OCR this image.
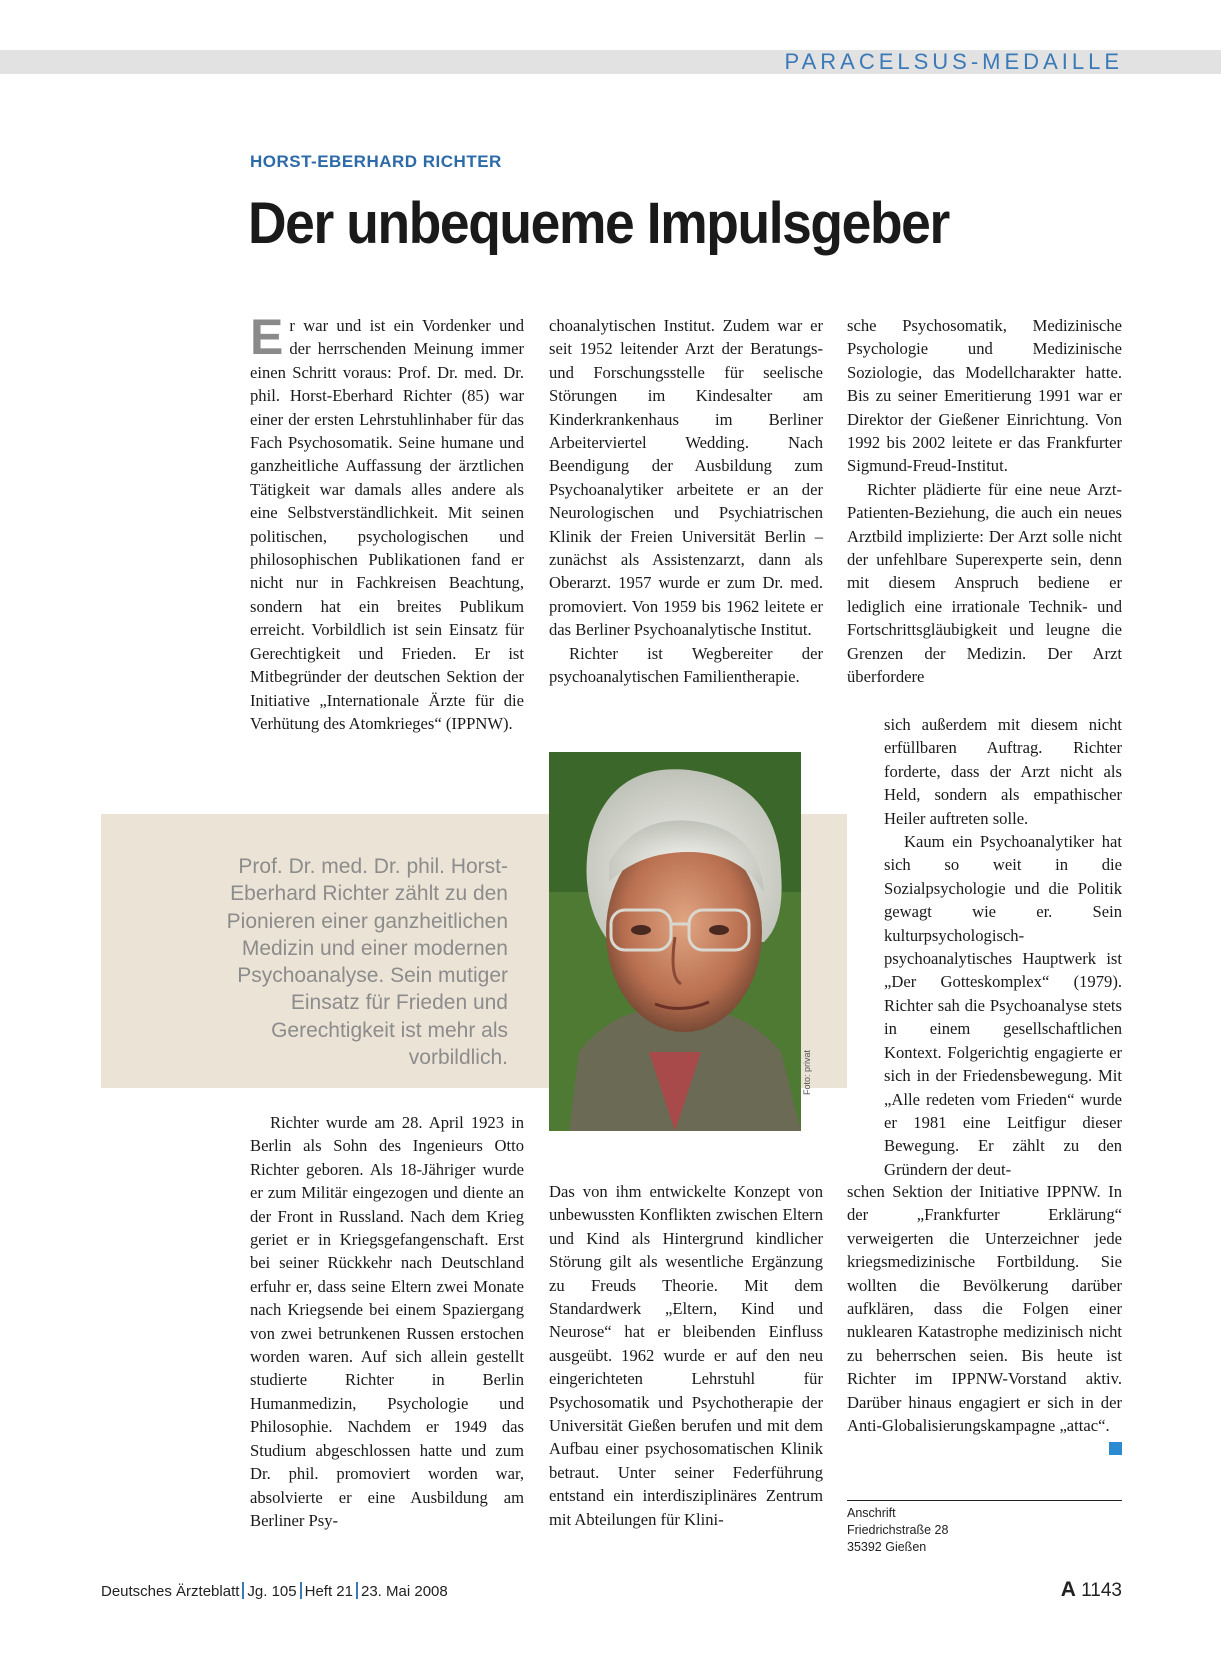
PARACELSUS-MEDAILLE
HORST-EBERHARD RICHTER
Der unbequeme Impulsgeber

Er war und ist ein Vordenker und der herrschenden Meinung immer einen Schritt voraus: Prof. Dr. med. Dr. phil. Horst-Eberhard Richter (85) war einer der ersten Lehrstuhlinhaber für das Fach Psychosomatik. Seine humane und ganzheitliche Auffassung der ärztlichen Tätigkeit war damals alles andere als eine Selbstverständlichkeit. Mit seinen politischen, psychologischen und philosophischen Publikationen fand er nicht nur in Fachkreisen Beachtung, sondern hat ein breites Publikum erreicht. Vorbildlich ist sein Einsatz für Gerechtigkeit und Frieden. Er ist Mitbegründer der deutschen Sektion der Initiative „Internationale Ärzte für die Verhütung des Atomkrieges“ (IPPNW).

Prof. Dr. med. Dr. phil. Horst-Eberhard Richter zählt zu den Pionieren einer ganzheitlichen Medizin und einer modernen Psychoanalyse. Sein mutiger Einsatz für Frieden und Gerechtigkeit ist mehr als vorbildlich.

Richter wurde am 28. April 1923 in Berlin als Sohn des Ingenieurs Otto Richter geboren. Als 18-Jähriger wurde er zum Militär eingezogen und diente an der Front in Russland. Nach dem Krieg geriet er in Kriegsgefangenschaft. Erst bei seiner Rückkehr nach Deutschland erfuhr er, dass seine Eltern zwei Monate nach Kriegsende bei einem Spaziergang von zwei betrunkenen Russen erstochen worden waren. Auf sich allein gestellt studierte Richter in Berlin Humanmedizin, Psychologie und Philosophie. Nachdem er 1949 das Studium abgeschlossen hatte und zum Dr. phil. promoviert worden war, absolvierte er eine Ausbildung am Berliner Psy-

choanalytischen Institut. Zudem war er seit 1952 leitender Arzt der Beratungs- und Forschungsstelle für seelische Störungen im Kindesalter am Kinderkrankenhaus im Berliner Arbeiterviertel Wedding. Nach Beendigung der Ausbildung zum Psychoanalytiker arbeitete er an der Neurologischen und Psychiatrischen Klinik der Freien Universität Berlin – zunächst als Assistenzarzt, dann als Oberarzt. 1957 wurde er zum Dr. med. promoviert. Von 1959 bis 1962 leitete er das Berliner Psychoanalytische Institut.

Richter ist Wegbereiter der psychoanalytischen Familientherapie.

Foto: privat

Das von ihm entwickelte Konzept von unbewussten Konflikten zwischen Eltern und Kind als Hintergrund kindlicher Störung gilt als wesentliche Ergänzung zu Freuds Theorie. Mit dem Standardwerk „Eltern, Kind und Neurose“ hat er bleibenden Einfluss ausgeübt. 1962 wurde er auf den neu eingerichteten Lehrstuhl für Psychosomatik und Psychotherapie der Universität Gießen berufen und mit dem Aufbau einer psychosomatischen Klinik betraut. Unter seiner Federführung entstand ein interdisziplinäres Zentrum mit Abteilungen für Klini-

sche Psychosomatik, Medizinische Psychologie und Medizinische Soziologie, das Modellcharakter hatte. Bis zu seiner Emeritierung 1991 war er Direktor der Gießener Einrichtung. Von 1992 bis 2002 leitete er das Frankfurter Sigmund-Freud-Institut.

Richter plädierte für eine neue Arzt-Patienten-Beziehung, die auch ein neues Arztbild implizierte: Der Arzt solle nicht der unfehlbare Superexperte sein, denn mit diesem Anspruch bediene er lediglich eine irrationale Technik- und Fortschrittsgläubigkeit und leugne die Grenzen der Medizin. Der Arzt überfordere

sich außerdem mit diesem nicht erfüllbaren Auftrag. Richter forderte, dass der Arzt nicht als Held, sondern als empathischer Heiler auftreten solle.

Kaum ein Psychoanalytiker hat sich so weit in die Sozialpsychologie und die Politik gewagt wie er. Sein kulturpsychologisch-psychoanalytisches Hauptwerk ist „Der Gotteskomplex“ (1979). Richter sah die Psychoanalyse stets in einem gesellschaftlichen Kontext. Folgerichtig engagierte er sich in der Friedensbewegung. Mit „Alle redeten vom Frieden“ wurde er 1981 eine Leitfigur dieser Bewegung. Er zählt zu den Gründern der deut-

schen Sektion der Initiative IPPNW. In der „Frankfurter Erklärung“ verweigerten die Unterzeichner jede kriegsmedizinische Fortbildung. Sie wollten die Bevölkerung darüber aufklären, dass die Folgen einer nuklearen Katastrophe medizinisch nicht zu beherrschen seien. Bis heute ist Richter im IPPNW-Vorstand aktiv. Darüber hinaus engagiert er sich in der Anti-Globalisierungskampagne „attac“.

Anschrift
Friedrichstraße 28
35392 Gießen
Deutsches Ärzteblatt Jg. 105 Heft 21 23. Mai 2008	A 1143
